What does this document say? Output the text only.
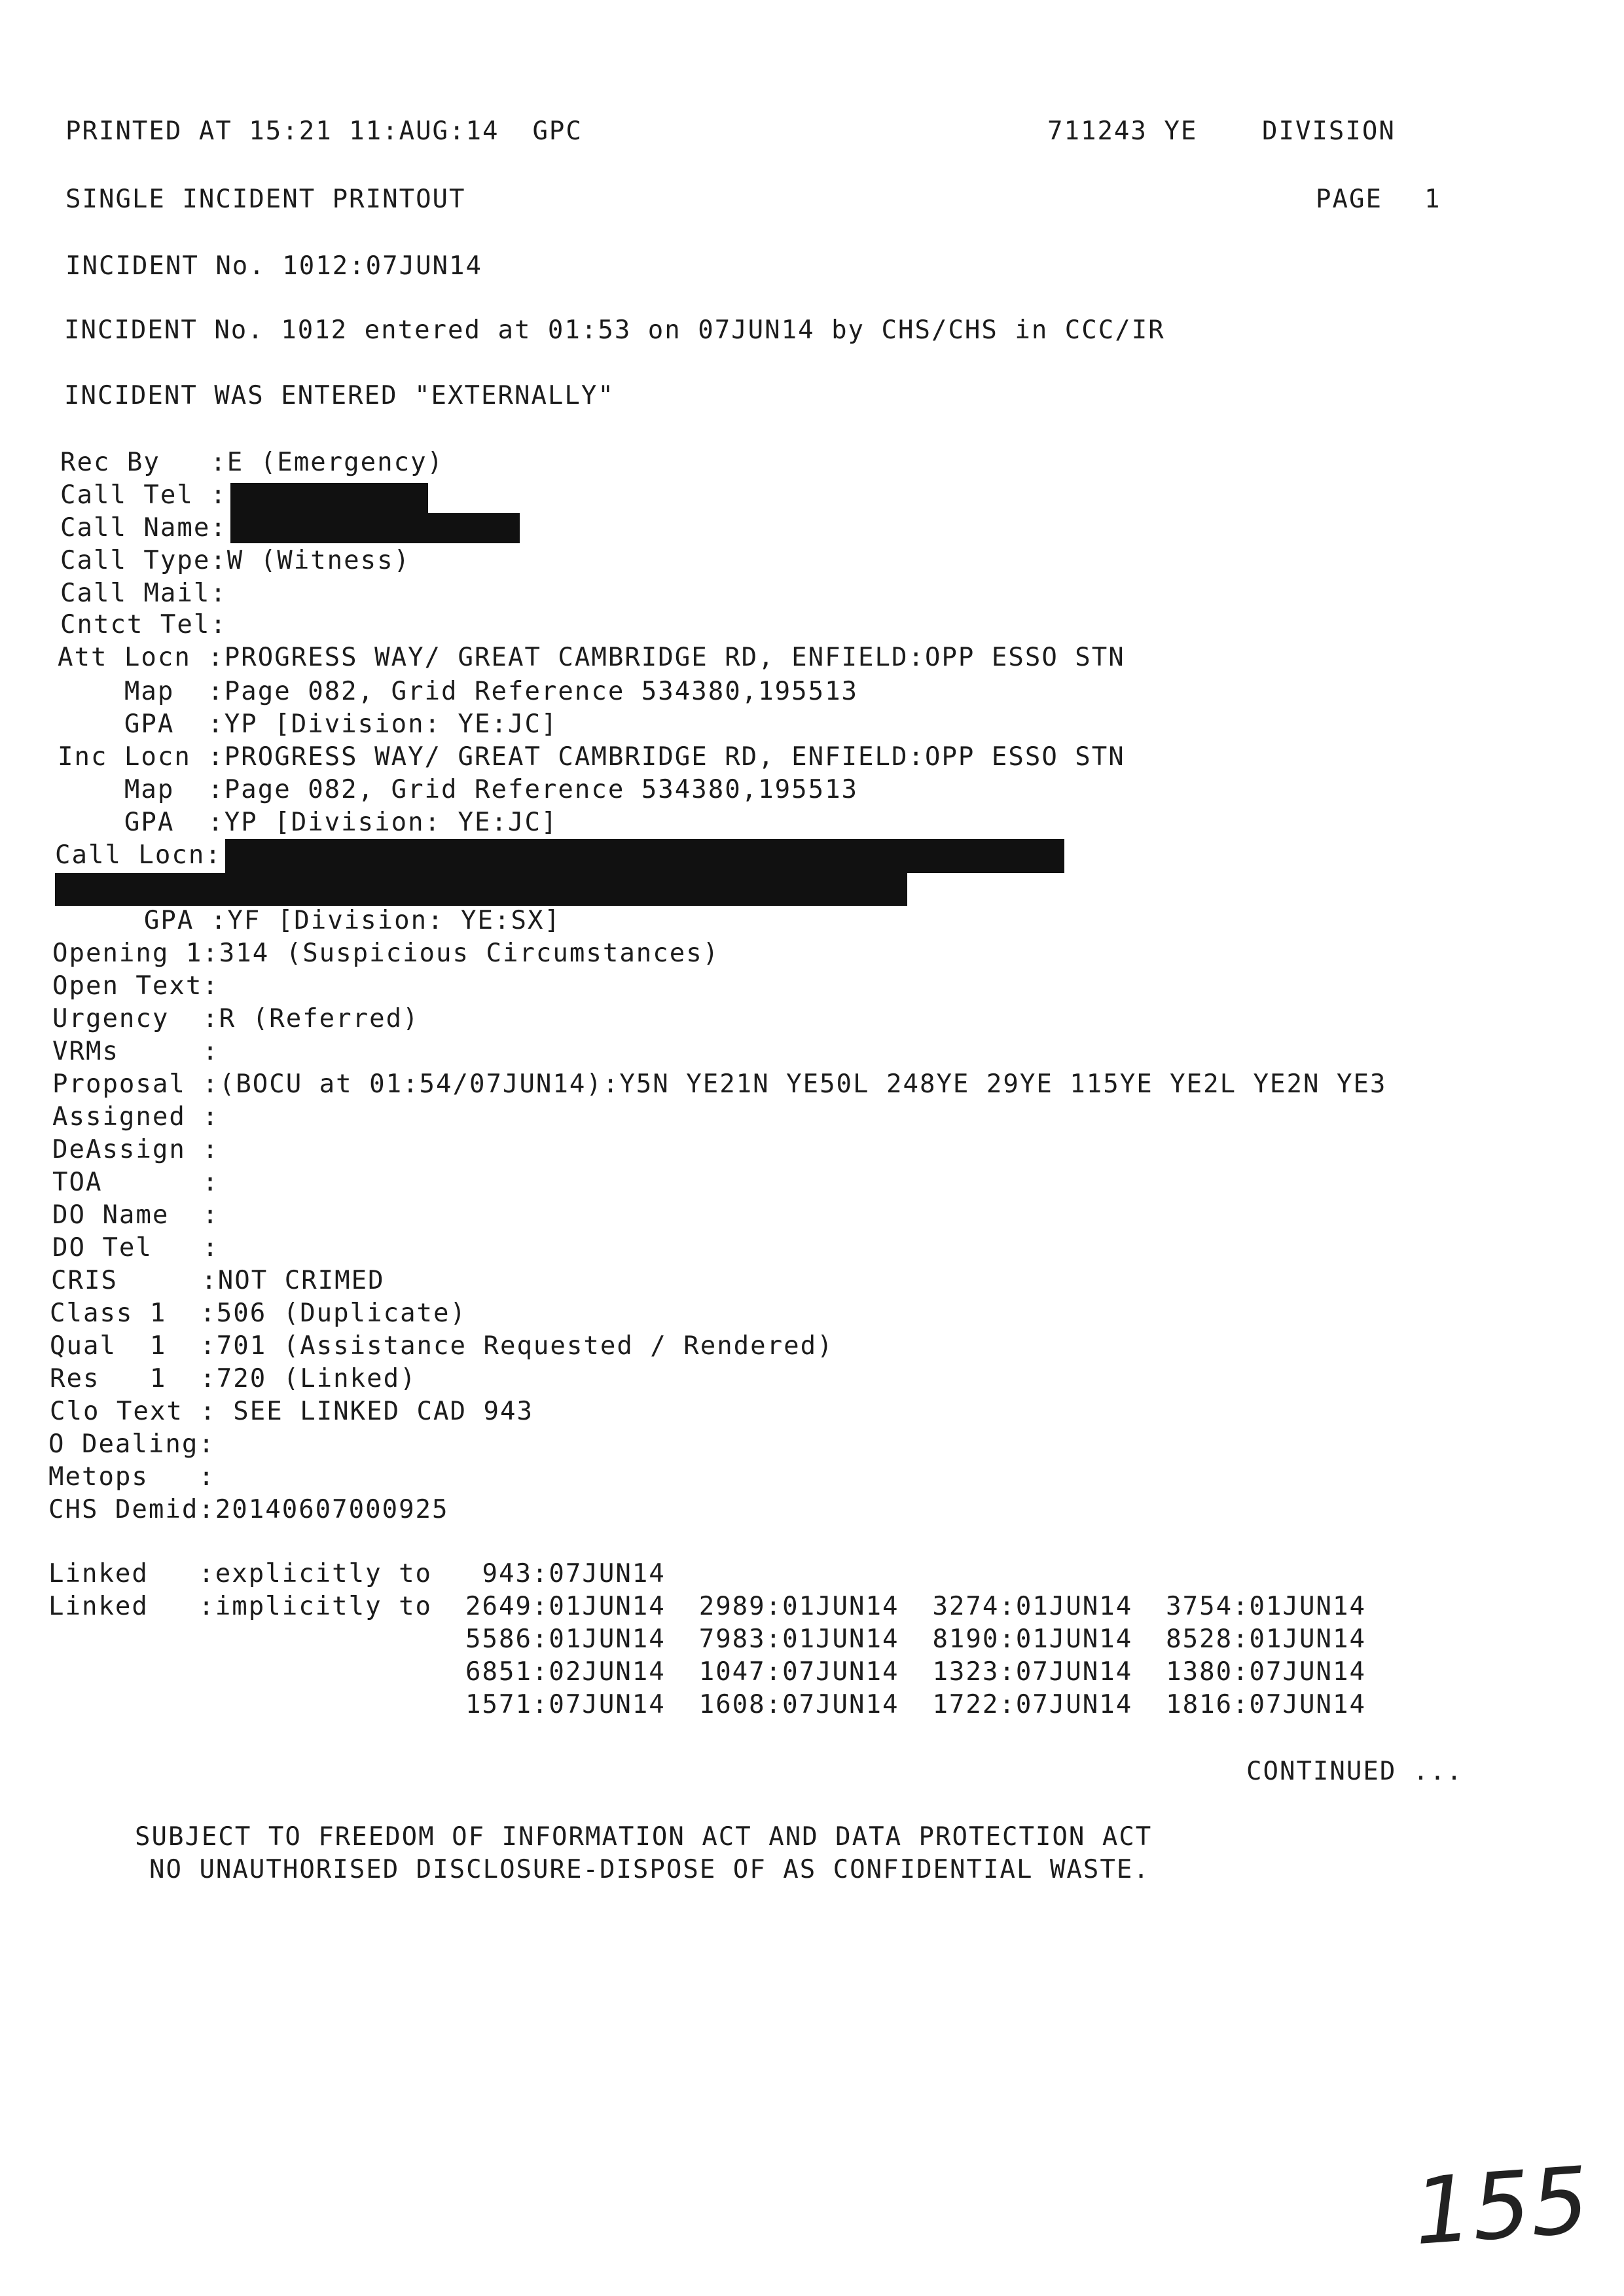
PRINTED AT 15:21 11:AUG:14  GPC	711243 YE	DIVISION
SINGLE INCIDENT PRINTOUT	PAGE 1
INCIDENT No. 1012:07JUN14
INCIDENT No. 1012 entered at 01:53 on 07JUN14 by CHS/CHS in CCC/IR
INCIDENT WAS ENTERED "EXTERNALLY"
Rec By   :E (Emergency)
Call Tel :
Call Name:
Call Type:W (Witness)
Call Mail:
Cntct Tel:
Att Locn :PROGRESS WAY/ GREAT CAMBRIDGE RD, ENFIELD:OPP ESSO STN
Map  :Page 082, Grid Reference 534380,195513
GPA  :YP [Division: YE:JC]
Inc Locn :PROGRESS WAY/ GREAT CAMBRIDGE RD, ENFIELD:OPP ESSO STN
Map  :Page 082, Grid Reference 534380,195513
GPA  :YP [Division: YE:JC]
Call Locn:
GPA :YF [Division: YE:SX]
Opening 1:314 (Suspicious Circumstances)
Open Text:
Urgency  :R (Referred)
VRMs     :
Proposal :(BOCU at 01:54/07JUN14):Y5N YE21N YE50L 248YE 29YE 115YE YE2L YE2N YE3
Assigned :
DeAssign :
TOA      :
DO Name  :
DO Tel   :
CRIS     :NOT CRIMED
Class 1  :506 (Duplicate)
Qual  1  :701 (Assistance Requested / Rendered)
Res   1  :720 (Linked)
Clo Text : SEE LINKED CAD 943
O Dealing:
Metops   :
CHS Demid:20140607000925
Linked   :explicitly to   943:07JUN14
Linked   :implicitly to  2649:01JUN14  2989:01JUN14  3274:01JUN14  3754:01JUN14
5586:01JUN14  7983:01JUN14  8190:01JUN14  8528:01JUN14
6851:02JUN14  1047:07JUN14  1323:07JUN14  1380:07JUN14
1571:07JUN14  1608:07JUN14  1722:07JUN14  1816:07JUN14
CONTINUED ...
SUBJECT TO FREEDOM OF INFORMATION ACT AND DATA PROTECTION ACT
NO UNAUTHORISED DISCLOSURE-DISPOSE OF AS CONFIDENTIAL WASTE.
155
